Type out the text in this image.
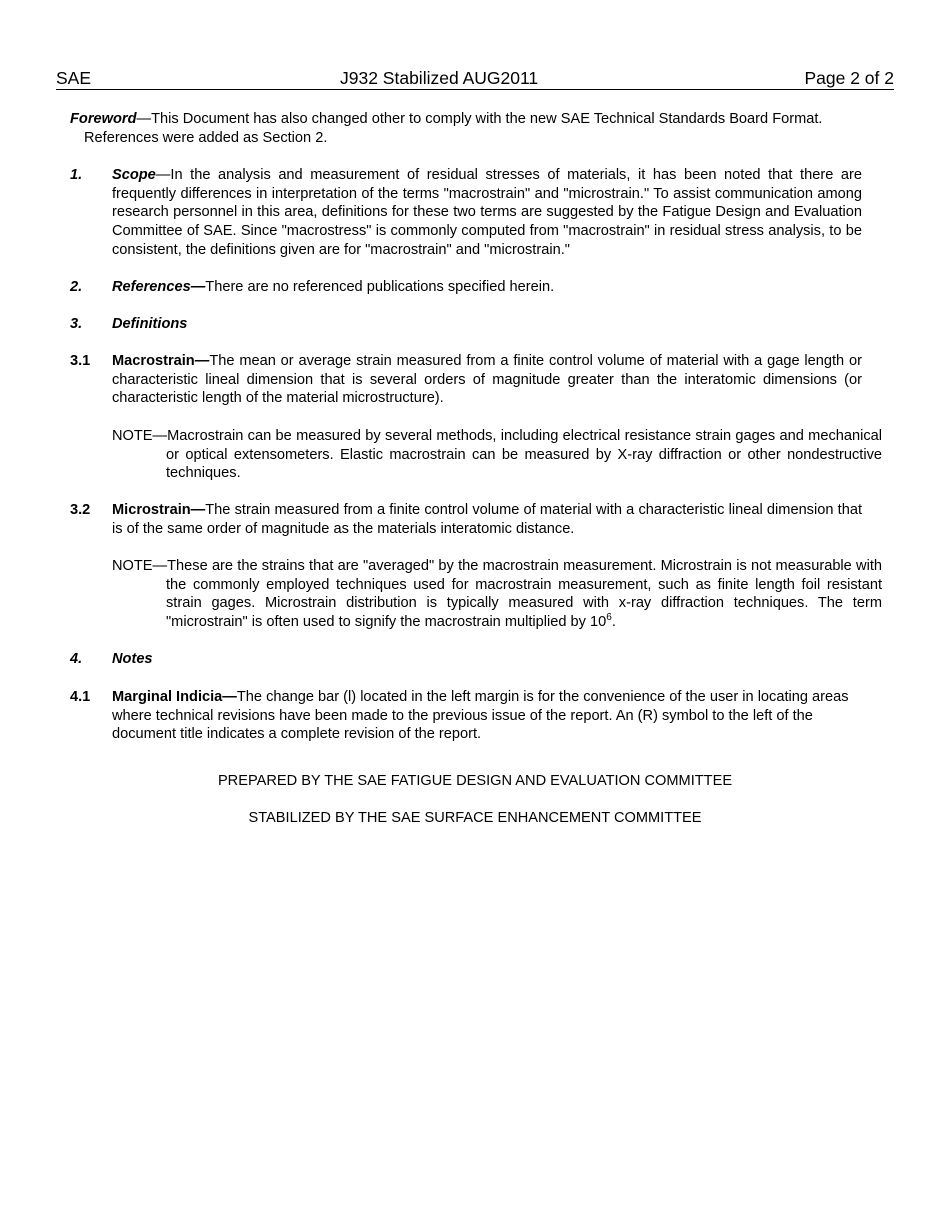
SAE	J932 Stabilized AUG2011	Page 2 of 2
Foreword—This Document has also changed other to comply with the new SAE Technical Standards Board Format.
References were added as Section 2.
1. Scope—In the analysis and measurement of residual stresses of materials, it has been noted that there are frequently differences in interpretation of the terms "macrostrain" and "microstrain." To assist communication among research personnel in this area, definitions for these two terms are suggested by the Fatigue Design and Evaluation Committee of SAE. Since "macrostress" is commonly computed from "macrostrain" in residual stress analysis, to be consistent, the definitions given are for "macrostrain" and "microstrain."
2. References—There are no referenced publications specified herein.
3. Definitions
3.1 Macrostrain—The mean or average strain measured from a finite control volume of material with a gage length or characteristic lineal dimension that is several orders of magnitude greater than the interatomic dimensions (or characteristic length of the material microstructure).
NOTE—Macrostrain can be measured by several methods, including electrical resistance strain gages and mechanical or optical extensometers. Elastic macrostrain can be measured by X-ray diffraction or other nondestructive techniques.
3.2 Microstrain—The strain measured from a finite control volume of material with a characteristic lineal dimension that is of the same order of magnitude as the materials interatomic distance.
NOTE—These are the strains that are "averaged" by the macrostrain measurement. Microstrain is not measurable with the commonly employed techniques used for macrostrain measurement, such as finite length foil resistant strain gages. Microstrain distribution is typically measured with x-ray diffraction techniques. The term "microstrain" is often used to signify the macrostrain multiplied by $10^6$.
4. Notes
4.1 Marginal Indicia—The change bar (l) located in the left margin is for the convenience of the user in locating areas where technical revisions have been made to the previous issue of the report. An (R) symbol to the left of the document title indicates a complete revision of the report.
PREPARED BY THE SAE FATIGUE DESIGN AND EVALUATION COMMITTEE
STABILIZED BY THE SAE SURFACE ENHANCEMENT COMMITTEE
